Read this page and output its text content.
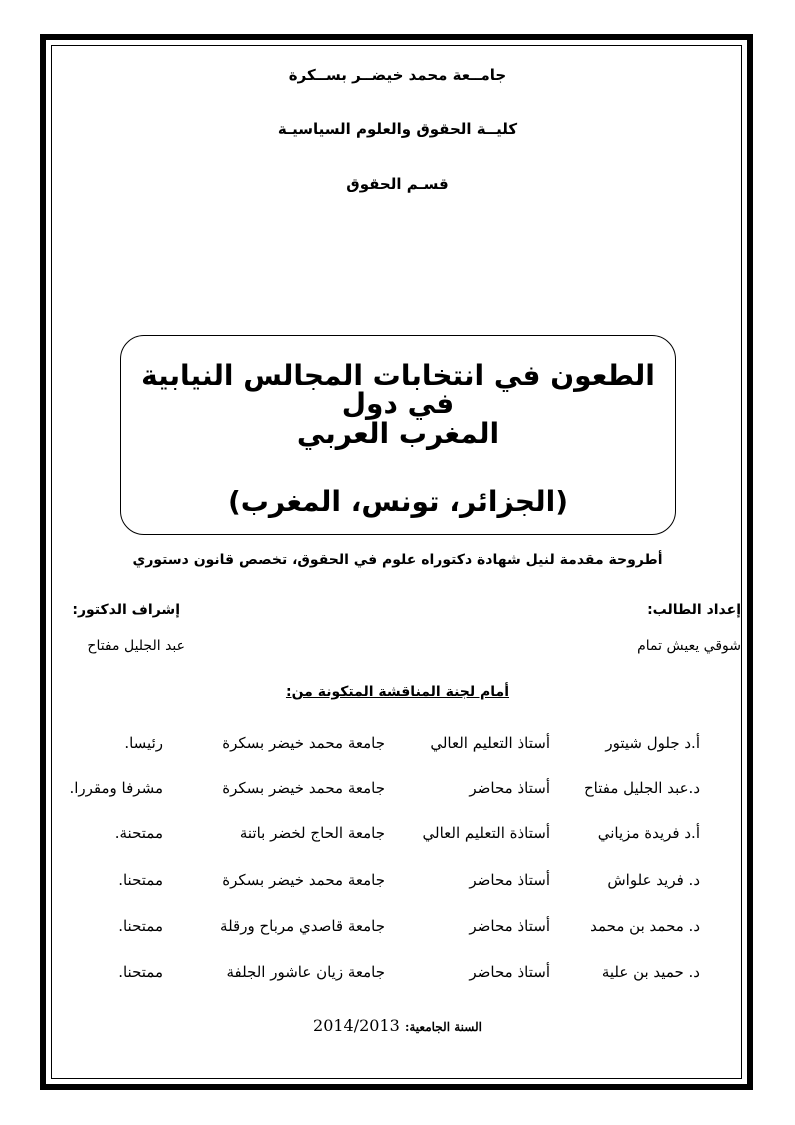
جامــعة محمد خيضــر بســكرة
كليــة الحقوق والعلوم السياسيـة
قسـم الحقوق
الطعون في انتخابات المجالس النيابية في دول
المغرب العربي
(الجزائر، تونس، المغرب)
أطروحة مقدمة لنيل شهادة دكتوراه علوم في الحقوق، تخصص قانون دستوري
إعداد الطالب:
شوقي يعيش تمام
إشراف الدكتور:
عبد الجليل مفتاح
أمام لجنة المناقشة المتكونة من:
أ.د جلول شيتور
أستاذ التعليم العالي
جامعة محمد خيضر بسكرة
رئيسا.
د.عبد الجليل مفتاح
أستاذ محاضر
جامعة محمد خيضر بسكرة
مشرفا ومقررا.
أ.د فريدة مزياني
أستاذة التعليم العالي
جامعة الحاج لخضر باتنة
ممتحنة.
د. فريد علواش
أستاذ محاضر
جامعة محمد خيضر بسكرة
ممتحنا.
د. محمد بن محمد
أستاذ محاضر
جامعة قاصدي مرباح ورقلة
ممتحنا.
د. حميد بن علية
أستاذ محاضر
جامعة زيان عاشور الجلفة
ممتحنا.
السنة الجامعية: 2014/2013
